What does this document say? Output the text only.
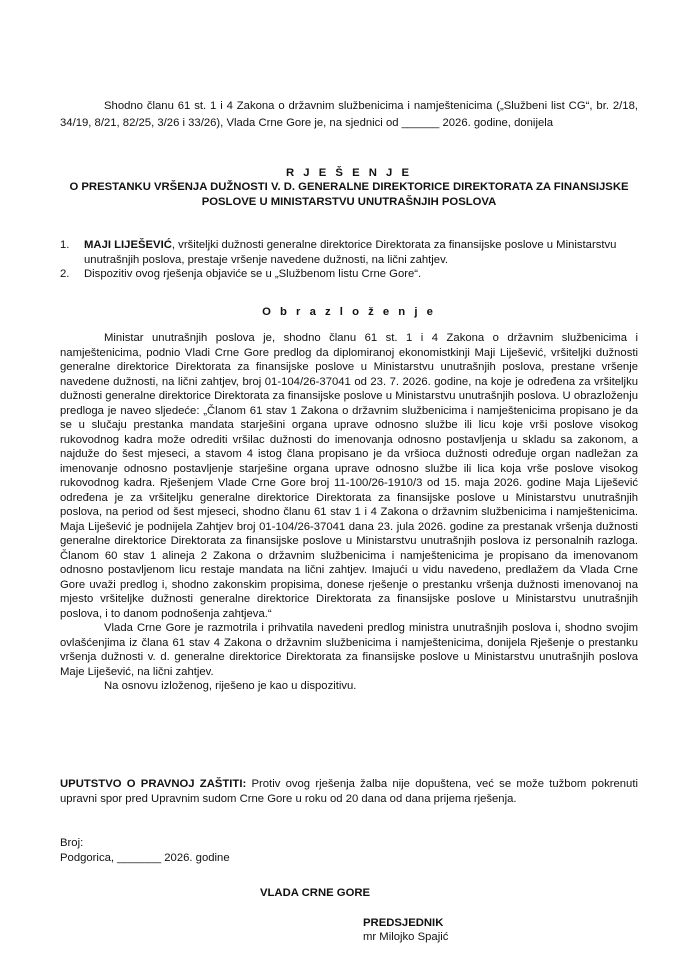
Shodno članu 61 st. 1 i 4 Zakona o državnim službenicima i namještenicima („Službeni list CG“, br. 2/18, 34/19, 8/21, 82/25, 3/26 i 33/26), Vlada Crne Gore je, na sjednici od ______ 2026. godine, donijela

R J E Š E N J E

O PRESTANKU VRŠENJA DUŽNOSTI V. D. GENERALNE DIREKTORICE DIREKTORATA ZA FINANSIJSKE POSLOVE U MINISTARSTVU UNUTRAŠNJIH POSLOVA

1. MAJI LIJEŠEVIĆ, vršiteljki dužnosti generalne direktorice Direktorata za finansijske poslove u Ministarstvu unutrašnjih poslova, prestaje vršenje navedene dužnosti, na lični zahtjev.
2. Dispozitiv ovog rješenja objaviće se u „Službenom listu Crne Gore“.

O b r a z l o ž e n j e

Ministar unutrašnjih poslova je, shodno članu 61 st. 1 i 4 Zakona o državnim službenicima i namještenicima, podnio Vladi Crne Gore predlog da diplomiranoj ekonomistkinji Maji Liješević, vršiteljki dužnosti generalne direktorice Direktorata za finansijske poslove u Ministarstvu unutrašnjih poslova, prestane vršenje navedene dužnosti, na lični zahtjev, broj 01-104/26-37041 od 23. 7. 2026. godine, na koje je određena za vršiteljku dužnosti generalne direktorice Direktorata za finansijske poslove u Ministarstvu unutrašnjih poslova. U obrazloženju predloga je naveo sljedeće: „Članom 61 stav 1 Zakona o državnim službenicima i namještenicima propisano je da se u slučaju prestanka mandata starješini organa uprave odnosno službe ili licu koje vrši poslove visokog rukovodnog kadra može odrediti vršilac dužnosti do imenovanja odnosno postavljenja u skladu sa zakonom, a najduže do šest mjeseci, a stavom 4 istog člana propisano je da vršioca dužnosti određuje organ nadležan za imenovanje odnosno postavljenje starješine organa uprave odnosno službe ili lica koja vrše poslove visokog rukovodnog kadra. Rješenjem Vlade Crne Gore broj 11-100/26-1910/3 od 15. maja 2026. godine Maja Liješević određena je za vršiteljku generalne direktorice Direktorata za finansijske poslove u Ministarstvu unutrašnjih poslova, na period od šest mjeseci, shodno članu 61 stav 1 i 4 Zakona o državnim službenicima i namještenicima. Maja Liješević je podnijela Zahtjev broj 01-104/26-37041 dana 23. jula 2026. godine za prestanak vršenja dužnosti generalne direktorice Direktorata za finansijske poslove u Ministarstvu unutrašnjih poslova iz personalnih razloga. Članom 60 stav 1 alineja 2 Zakona o državnim službenicima i namještenicima je propisano da imenovanom odnosno postavljenom licu restaje mandata na lični zahtjev. Imajući u vidu navedeno, predlažem da Vlada Crne Gore uvaži predlog i, shodno zakonskim propisima, donese rješenje o prestanku vršenja dužnosti imenovanoj na mjesto vršiteljke dužnosti generalne direktorice Direktorata za finansijske poslove u Ministarstvu unutrašnjih poslova, i to danom podnošenja zahtjeva.“

Vlada Crne Gore je razmotrila i prihvatila navedeni predlog ministra unutrašnjih poslova i, shodno svojim ovlašćenjima iz člana 61 stav 4 Zakona o državnim službenicima i namještenicima, donijela Rješenje o prestanku vršenja dužnosti v. d. generalne direktorice Direktorata za finansijske poslove u Ministarstvu unutrašnjih poslova Maje Liješević, na lični zahtjev.

Na osnovu izloženog, riješeno je kao u dispozitivu.

UPUTSTVO O PRAVNOJ ZAŠTITI: Protiv ovog rješenja žalba nije dopuštena, već se može tužbom pokrenuti upravni spor pred Upravnim sudom Crne Gore u roku od 20 dana od dana prijema rješenja.

Broj:
Podgorica, _______ 2026. godine
VLADA CRNE GORE
PREDSJEDNIK
mr Milojko Spajić
